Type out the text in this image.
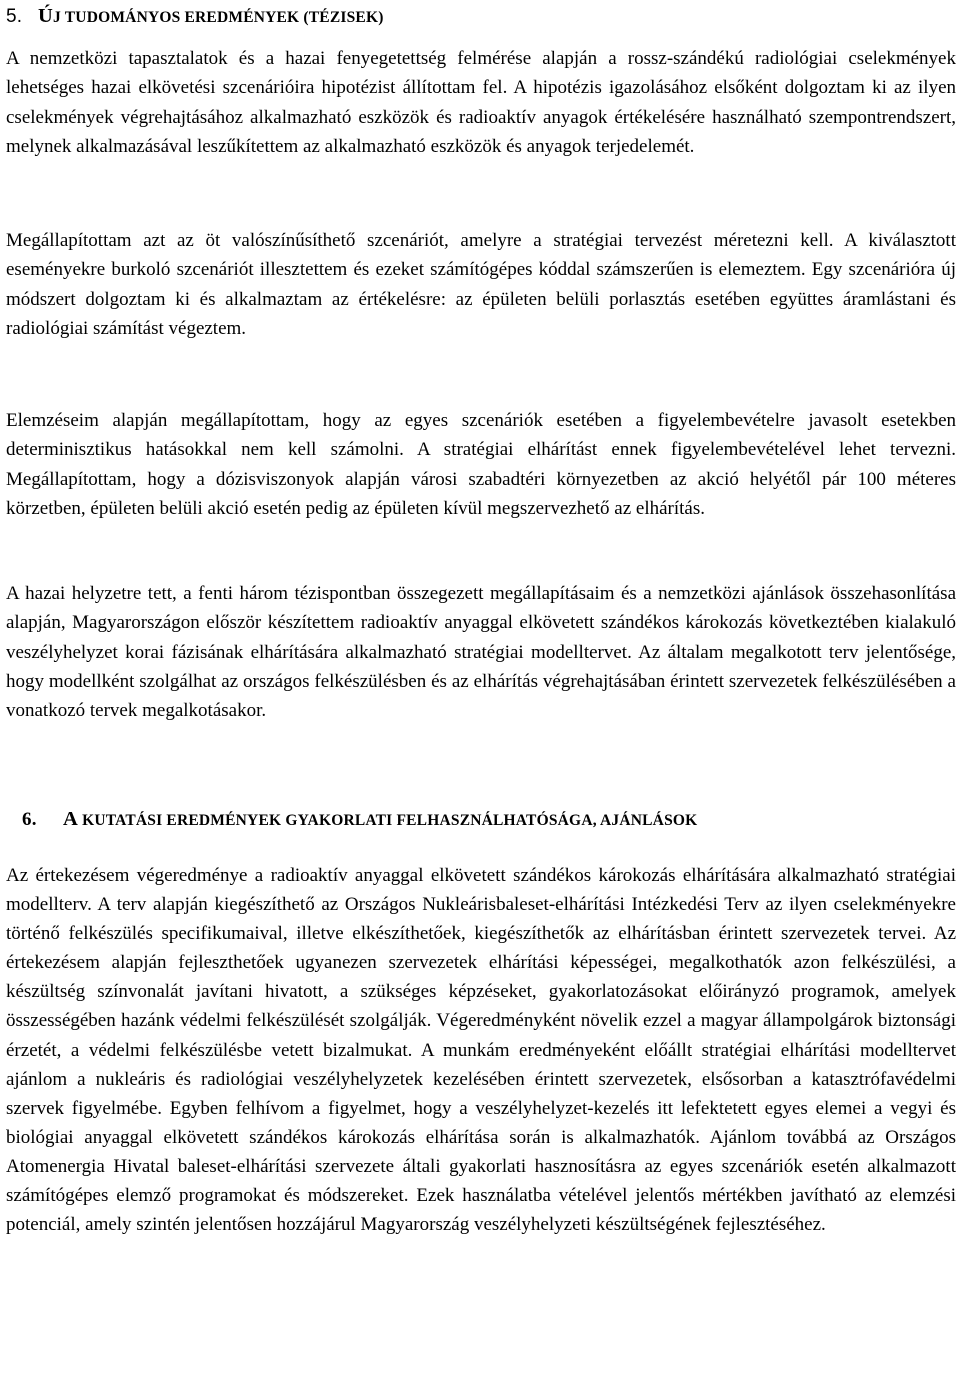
5. ÚJ TUDOMÁNYOS EREDMÉNYEK (TÉZISEK)

A nemzetközi tapasztalatok és a hazai fenyegetettség felmérése alapján a rossz-szándékú radiológiai cselekmények lehetséges hazai elkövetési szcenárióira hipotézist állítottam fel. A hipotézis igazolásához elsőként dolgoztam ki az ilyen cselekmények végrehajtásához alkalmazható eszközök és radioaktív anyagok értékelésére használható szempontrendszert, melynek alkalmazásával leszűkítettem az alkalmazható eszközök és anyagok terjedelemét.

Megállapítottam azt az öt valószínűsíthető szcenáriót, amelyre a stratégiai tervezést méretezni kell. A kiválasztott eseményekre burkoló szcenáriót illesztettem és ezeket számítógépes kóddal számszerűen is elemeztem. Egy szcenárióra új módszert dolgoztam ki és alkalmaztam az értékelésre: az épületen belüli porlasztás esetében együttes áramlástani és radiológiai számítást végeztem.

Elemzéseim alapján megállapítottam, hogy az egyes szcenáriók esetében a figyelembevételre javasolt esetekben determinisztikus hatásokkal nem kell számolni. A stratégiai elhárítást ennek figyelembevételével lehet tervezni. Megállapítottam, hogy a dózisviszonyok alapján városi szabadtéri környezetben az akció helyétől pár 100 méteres körzetben, épületen belüli akció esetén pedig az épületen kívül megszervezhető az elhárítás.

A hazai helyzetre tett, a fenti három tézispontban összegezett megállapításaim és a nemzetközi ajánlások összehasonlítása alapján, Magyarországon először készítettem radioaktív anyaggal elkövetett szándékos károkozás következtében kialakuló veszélyhelyzet korai fázisának elhárítására alkalmazható stratégiai modelltervet. Az általam megalkotott terv jelentősége, hogy modellként szolgálhat az országos felkészülésben és az elhárítás végrehajtásában érintett szervezetek felkészülésében a vonatkozó tervek megalkotásakor.

6. A KUTATÁSI EREDMÉNYEK GYAKORLATI FELHASZNÁLHATÓSÁGA, AJÁNLÁSOK

Az értekezésem végeredménye a radioaktív anyaggal elkövetett szándékos károkozás elhárítására alkalmazható stratégiai modellterv. A terv alapján kiegészíthető az Országos Nukleárisbaleset-elhárítási Intézkedési Terv az ilyen cselekményekre történő felkészülés specifikumaival, illetve elkészíthetőek, kiegészíthetők az elhárításban érintett szervezetek tervei. Az értekezésem alapján fejleszthetőek ugyanezen szervezetek elhárítási képességei, megalkothatók azon felkészülési, a készültség színvonalát javítani hivatott, a szükséges képzéseket, gyakorlatozásokat előirányzó programok, amelyek összességében hazánk védelmi felkészülését szolgálják. Végeredményként növelik ezzel a magyar állampolgárok biztonsági érzetét, a védelmi felkészülésbe vetett bizalmukat. A munkám eredményeként előállt stratégiai elhárítási modelltervet ajánlom a nukleáris és radiológiai veszélyhelyzetek kezelésében érintett szervezetek, elsősorban a katasztrófavédelmi szervek figyelmébe. Egyben felhívom a figyelmet, hogy a veszélyhelyzet-kezelés itt lefektetett egyes elemei a vegyi és biológiai anyaggal elkövetett szándékos károkozás elhárítása során is alkalmazhatók. Ajánlom továbbá az Országos Atomenergia Hivatal baleset-elhárítási szervezete általi gyakorlati hasznosításra az egyes szcenáriók esetén alkalmazott számítógépes elemző programokat és módszereket. Ezek használatba vételével jelentős mértékben javítható az elemzési potenciál, amely szintén jelentősen hozzájárul Magyarország veszélyhelyzeti készültségének fejlesztéséhez.
